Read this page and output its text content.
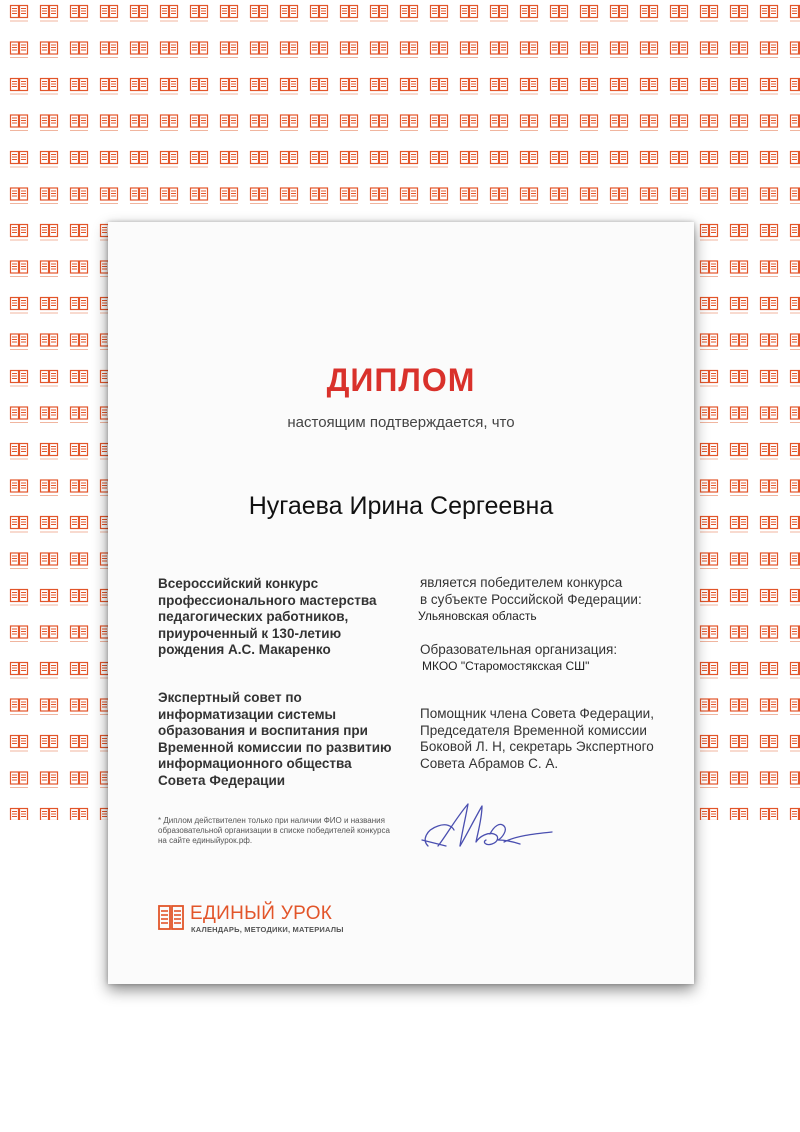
ДИПЛОМ
настоящим подтверждается, что
Нугаева Ирина Сергеевна
Всероссийский конкурс
профессионального мастерства
педагогических работников,
приуроченный к 130-летию
рождения А.С. Макаренко
Экспертный совет по
информатизации системы
образования и воспитания при
Временной комиссии по развитию
информационного общества
Совета Федерации
является победителем конкурса
в субъекте Российской Федерации:
Ульяновская область
Образовательная организация:
МКОО "Старомостякская СШ"
Помощник члена Совета Федерации,
Председателя Временной комиссии
Боковой Л. Н, секретарь Экспертного
Совета Абрамов С. А.
* Диплом действителен только при наличии ФИО и названия
образовательной организации в списке победителей конкурса
на сайте единыйурок.рф.
ЕДИНЫЙ УРОК
КАЛЕНДАРЬ, МЕТОДИКИ, МАТЕРИАЛЫ
